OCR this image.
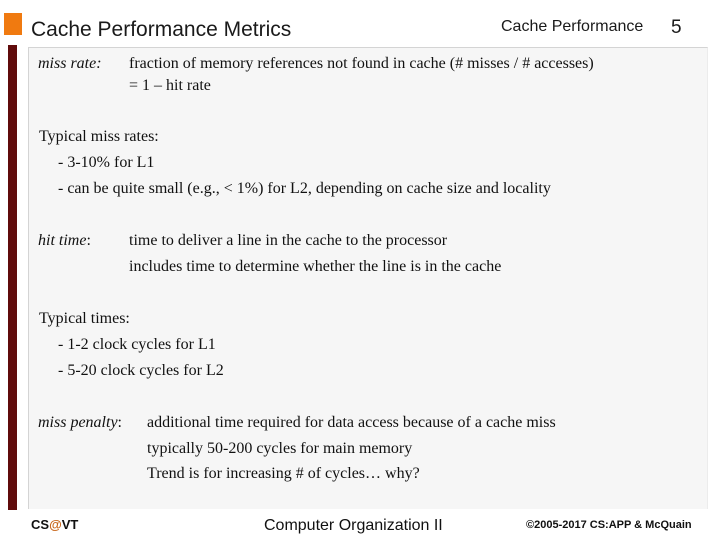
Cache Performance Metrics	Cache Performance 5
miss rate: fraction of memory references not found in cache (# misses / # accesses)
= 1 – hit rate
Typical miss rates:
- 3-10% for L1
- can be quite small (e.g., < 1%) for L2, depending on cache size and locality
hit time: time to deliver a line in the cache to the processor
includes time to determine whether the line is in the cache
Typical times:
- 1-2 clock cycles for L1
- 5-20 clock cycles for L2
miss penalty: additional time required for data access because of a cache miss
typically 50-200 cycles for main memory
Trend is for increasing # of cycles… why?
CS@VT	Computer Organization II	©2005-2017 CS:APP & McQuain
